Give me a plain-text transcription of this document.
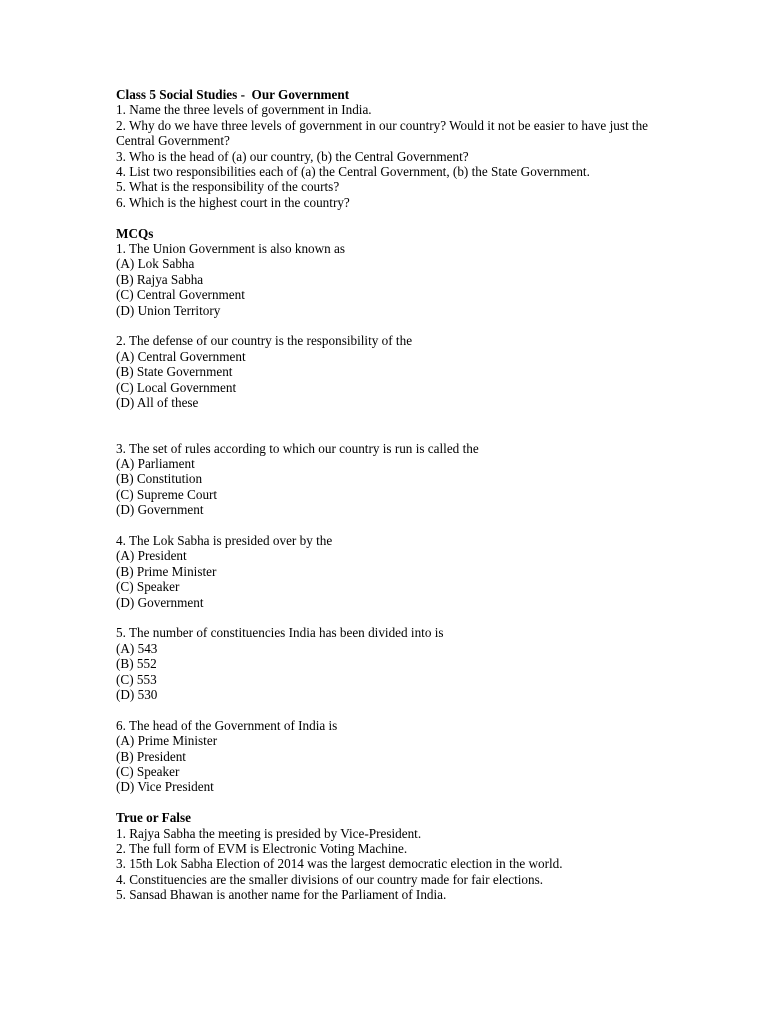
Class 5 Social Studies -  Our Government
1. Name the three levels of government in India.
2. Why do we have three levels of government in our country? Would it not be easier to have just the Central Government?
3. Who is the head of (a) our country, (b) the Central Government?
4. List two responsibilities each of (a) the Central Government, (b) the State Government.
5. What is the responsibility of the courts?
6. Which is the highest court in the country?
MCQs
1. The Union Government is also known as
(A) Lok Sabha
(B) Rajya Sabha
(C) Central Government
(D) Union Territory
2. The defense of our country is the responsibility of the
(A) Central Government
(B) State Government
(C) Local Government
(D) All of these
3. The set of rules according to which our country is run is called the
(A) Parliament
(B) Constitution
(C) Supreme Court
(D) Government
4. The Lok Sabha is presided over by the
(A) President
(B) Prime Minister
(C) Speaker
(D) Government
5. The number of constituencies India has been divided into is
(A) 543
(B) 552
(C) 553
(D) 530
6. The head of the Government of India is
(A) Prime Minister
(B) President
(C) Speaker
(D) Vice President
True or False
1. Rajya Sabha the meeting is presided by Vice-President.
2. The full form of EVM is Electronic Voting Machine.
3. 15th Lok Sabha Election of 2014 was the largest democratic election in the world.
4. Constituencies are the smaller divisions of our country made for fair elections.
5. Sansad Bhawan is another name for the Parliament of India.
